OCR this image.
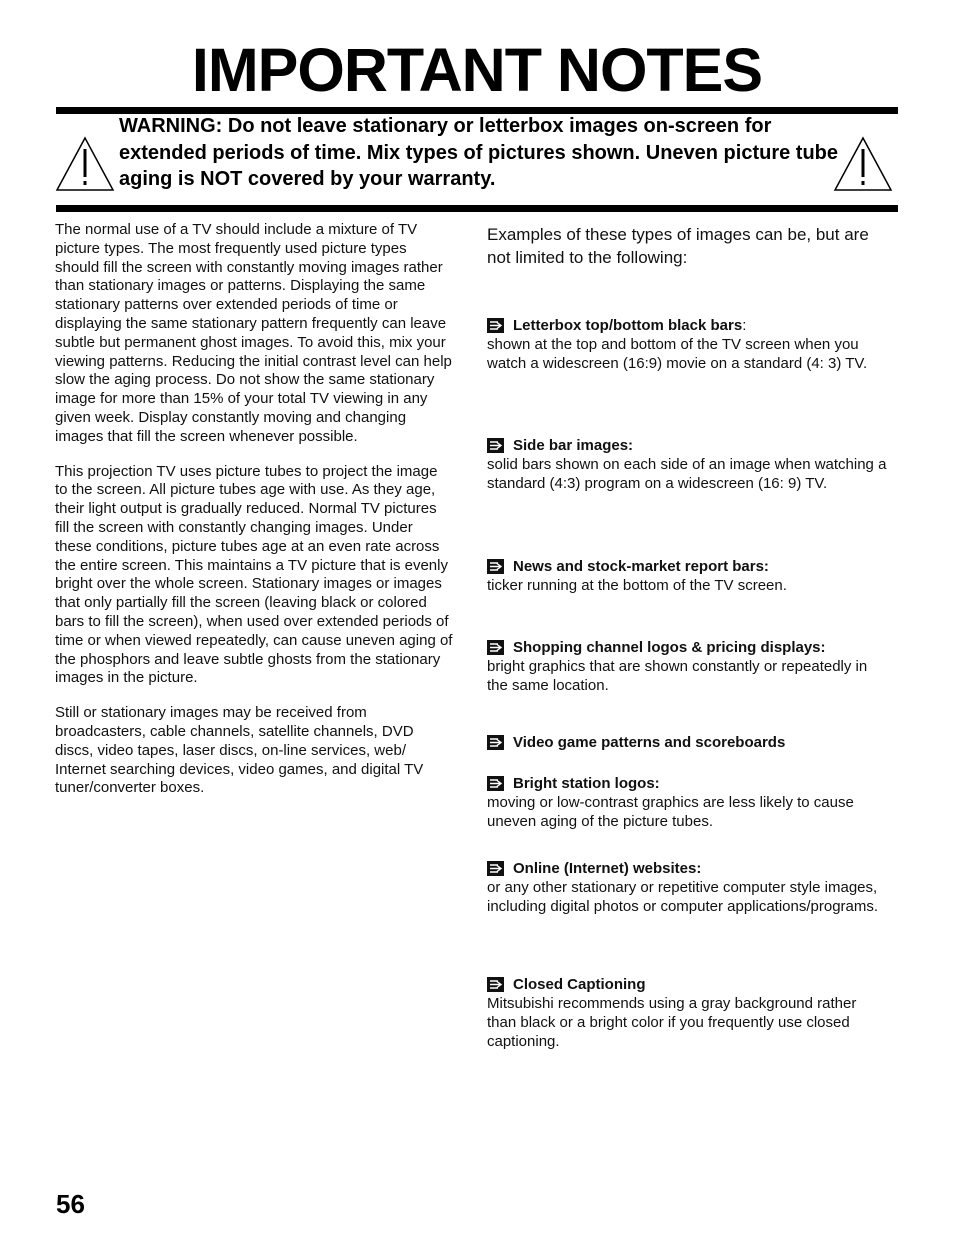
IMPORTANT NOTES
WARNING: Do not leave stationary or letterbox images on-screen for extended periods of time. Mix types of pictures shown. Uneven picture tube aging is NOT covered by your warranty.

The normal use of a TV should include a mixture of TV picture types. The most frequently used picture types should fill the screen with constantly moving images rather than stationary images or patterns. Displaying the same stationary patterns over extended periods of time or displaying the same stationary pattern frequently can leave subtle but permanent ghost images. To avoid this, mix your viewing patterns. Reducing the initial contrast level can help slow the aging process. Do not show the same stationary image for more than 15% of your total TV viewing in any given week. Display constantly moving and changing images that fill the screen whenever possible.

This projection TV uses picture tubes to project the image to the screen. All picture tubes age with use. As they age, their light output is gradually reduced. Normal TV pictures fill the screen with constantly changing images. Under these conditions, picture tubes age at an even rate across the entire screen. This maintains a TV picture that is evenly bright over the whole screen. Stationary images or images that only partially fill the screen (leaving black or colored bars to fill the screen), when used over extended periods of time or when viewed repeatedly, can cause uneven aging of the phosphors and leave subtle ghosts from the stationary images in the picture.

Still or stationary images may be received from broadcasters, cable channels, satellite channels, DVD discs, video tapes, laser discs, on-line services, web/ Internet searching devices, video games, and digital TV tuner/converter boxes.

Examples of these types of images can be, but are not limited to the following:
Letterbox top/bottom black bars :
shown at the top and bottom of the TV screen when you watch a widescreen (16:9) movie on a standard (4: 3) TV.
Side bar images:
solid bars shown on each side of an image when watching a standard (4:3) program on a widescreen (16: 9) TV.
News and stock-market report bars:
ticker running at the bottom of the TV screen.
Shopping channel logos & pricing displays:
bright graphics that are shown constantly or repeatedly in the same location.
Video game patterns and scoreboards
Bright station logos:
moving or low-contrast graphics are less likely to cause uneven aging of the picture tubes.
Online (Internet) websites:
or any other stationary or repetitive computer style images, including digital photos or computer applications/programs.
Closed Captioning
Mitsubishi recommends using a gray background rather than black or a bright color if you frequently use closed captioning.
56
